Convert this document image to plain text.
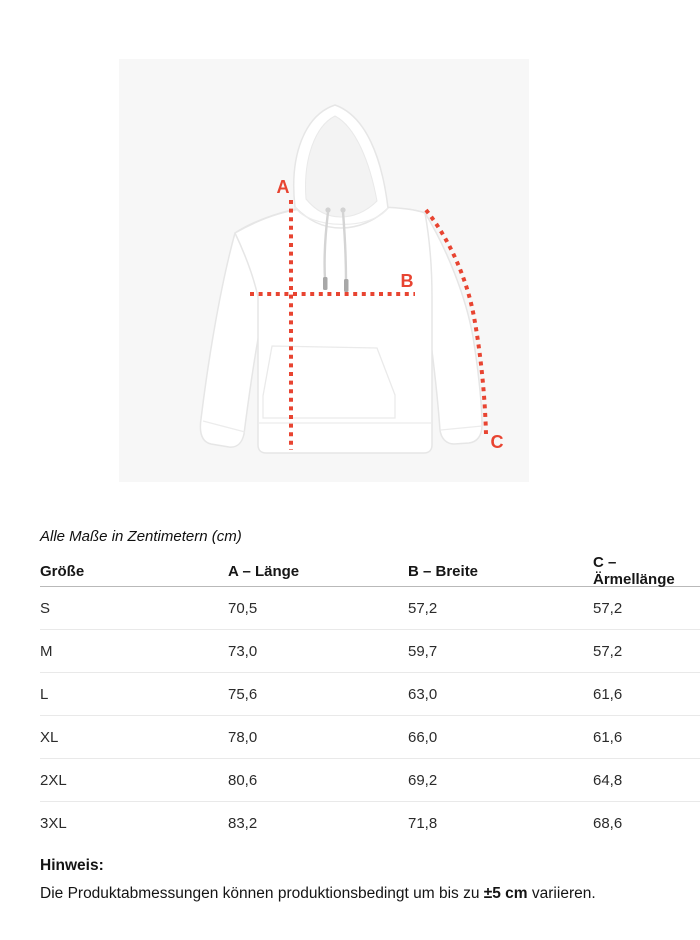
A
B
C
Alle Maße in Zentimetern (cm)
Größe	A – Länge	B – Breite	C – Ärmellänge
S	70,5	57,2	57,2
M	73,0	59,7	57,2
L	75,6	63,0	61,6
XL	78,0	66,0	61,6
2XL	80,6	69,2	64,8
3XL	83,2	71,8	68,6

Hinweis:

Die Produktabmessungen können produktionsbedingt um bis zu ±5 cm variieren.
